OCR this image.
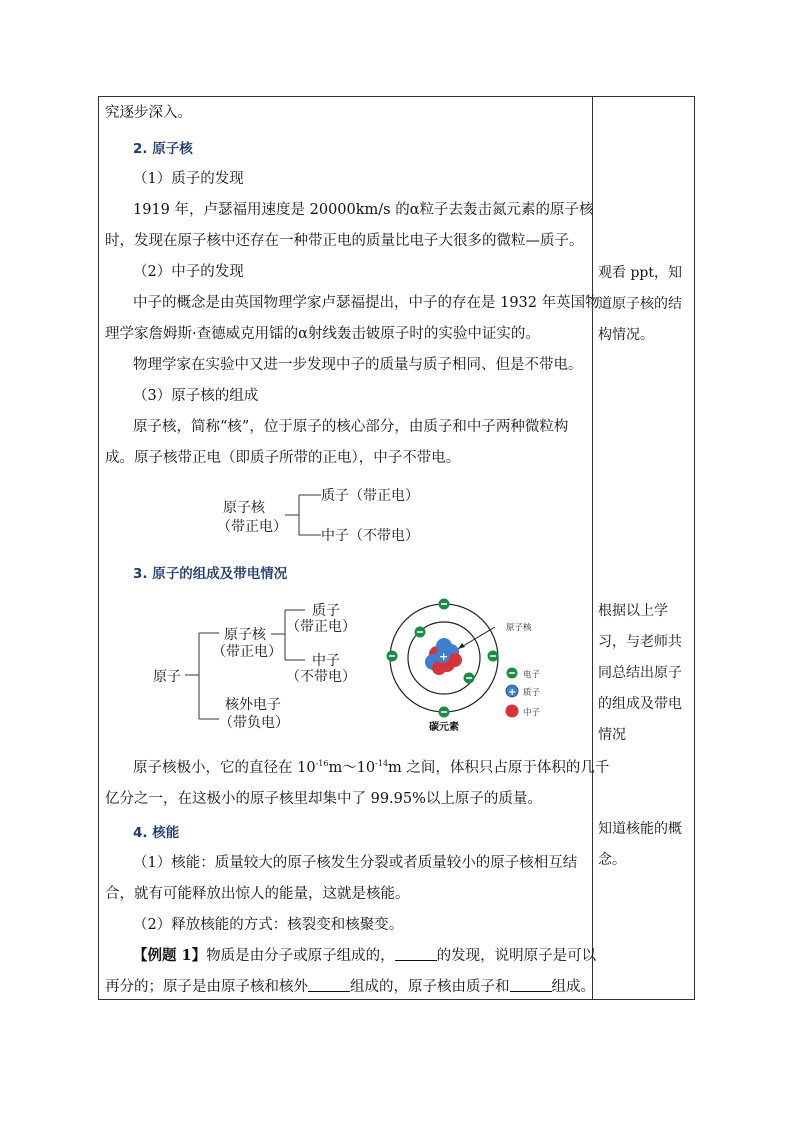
究逐步深入。
2. 原子核
（1）质子的发现
1919 年，卢瑟福用速度是 20000km/s 的α粒子去轰击氮元素的原子核
时，发现在原子核中还存在一种带正电的质量比电子大很多的微粒—质子。
（2）中子的发现
中子的概念是由英国物理学家卢瑟福提出，中子的存在是 1932 年英国物
理学家詹姆斯·查德威克用镭的α射线轰击铍原子时的实验中证实的。
物理学家在实验中又进一步发现中子的质量与质子相同、但是不带电。
（3）原子核的组成
原子核，简称“核”，位于原子的核心部分，由质子和中子两种微粒构
成。原子核带正电（即质子所带的正电），中子不带电。
原子核
（带正电）
质子（带正电）
中子（不带电）
3. 原子的组成及带电情况
原子
原子核
（带正电）
质子
（带正电）
中子
（不带电）
核外电子
（带负电）
+
原子核
电子
+ 质子
中子
碳元素
原子核极小，它的直径在 $10^{-16}m\sim 10^{-14}m$ 之间，体积只占原于体积的几千
亿分之一，在这极小的原子核里却集中了 99.95%以上原子的质量。
4. 核能
（1）核能：质量较大的原子核发生分裂或者质量较小的原子核相互结
合，就有可能释放出惊人的能量，这就是核能。
（2）释放核能的方式：核裂变和核聚变。
【例题 1】物质是由分子或原子组成的，	的发现，说明原子是可以
再分的；原子是由原子核和核外	组成的，原子核由质子和	组成。
观看 ppt，知
道原子核的结
构情况。
根据以上学
习，与老师共
同总结出原子
的组成及带电
情况
知道核能的概
念。
